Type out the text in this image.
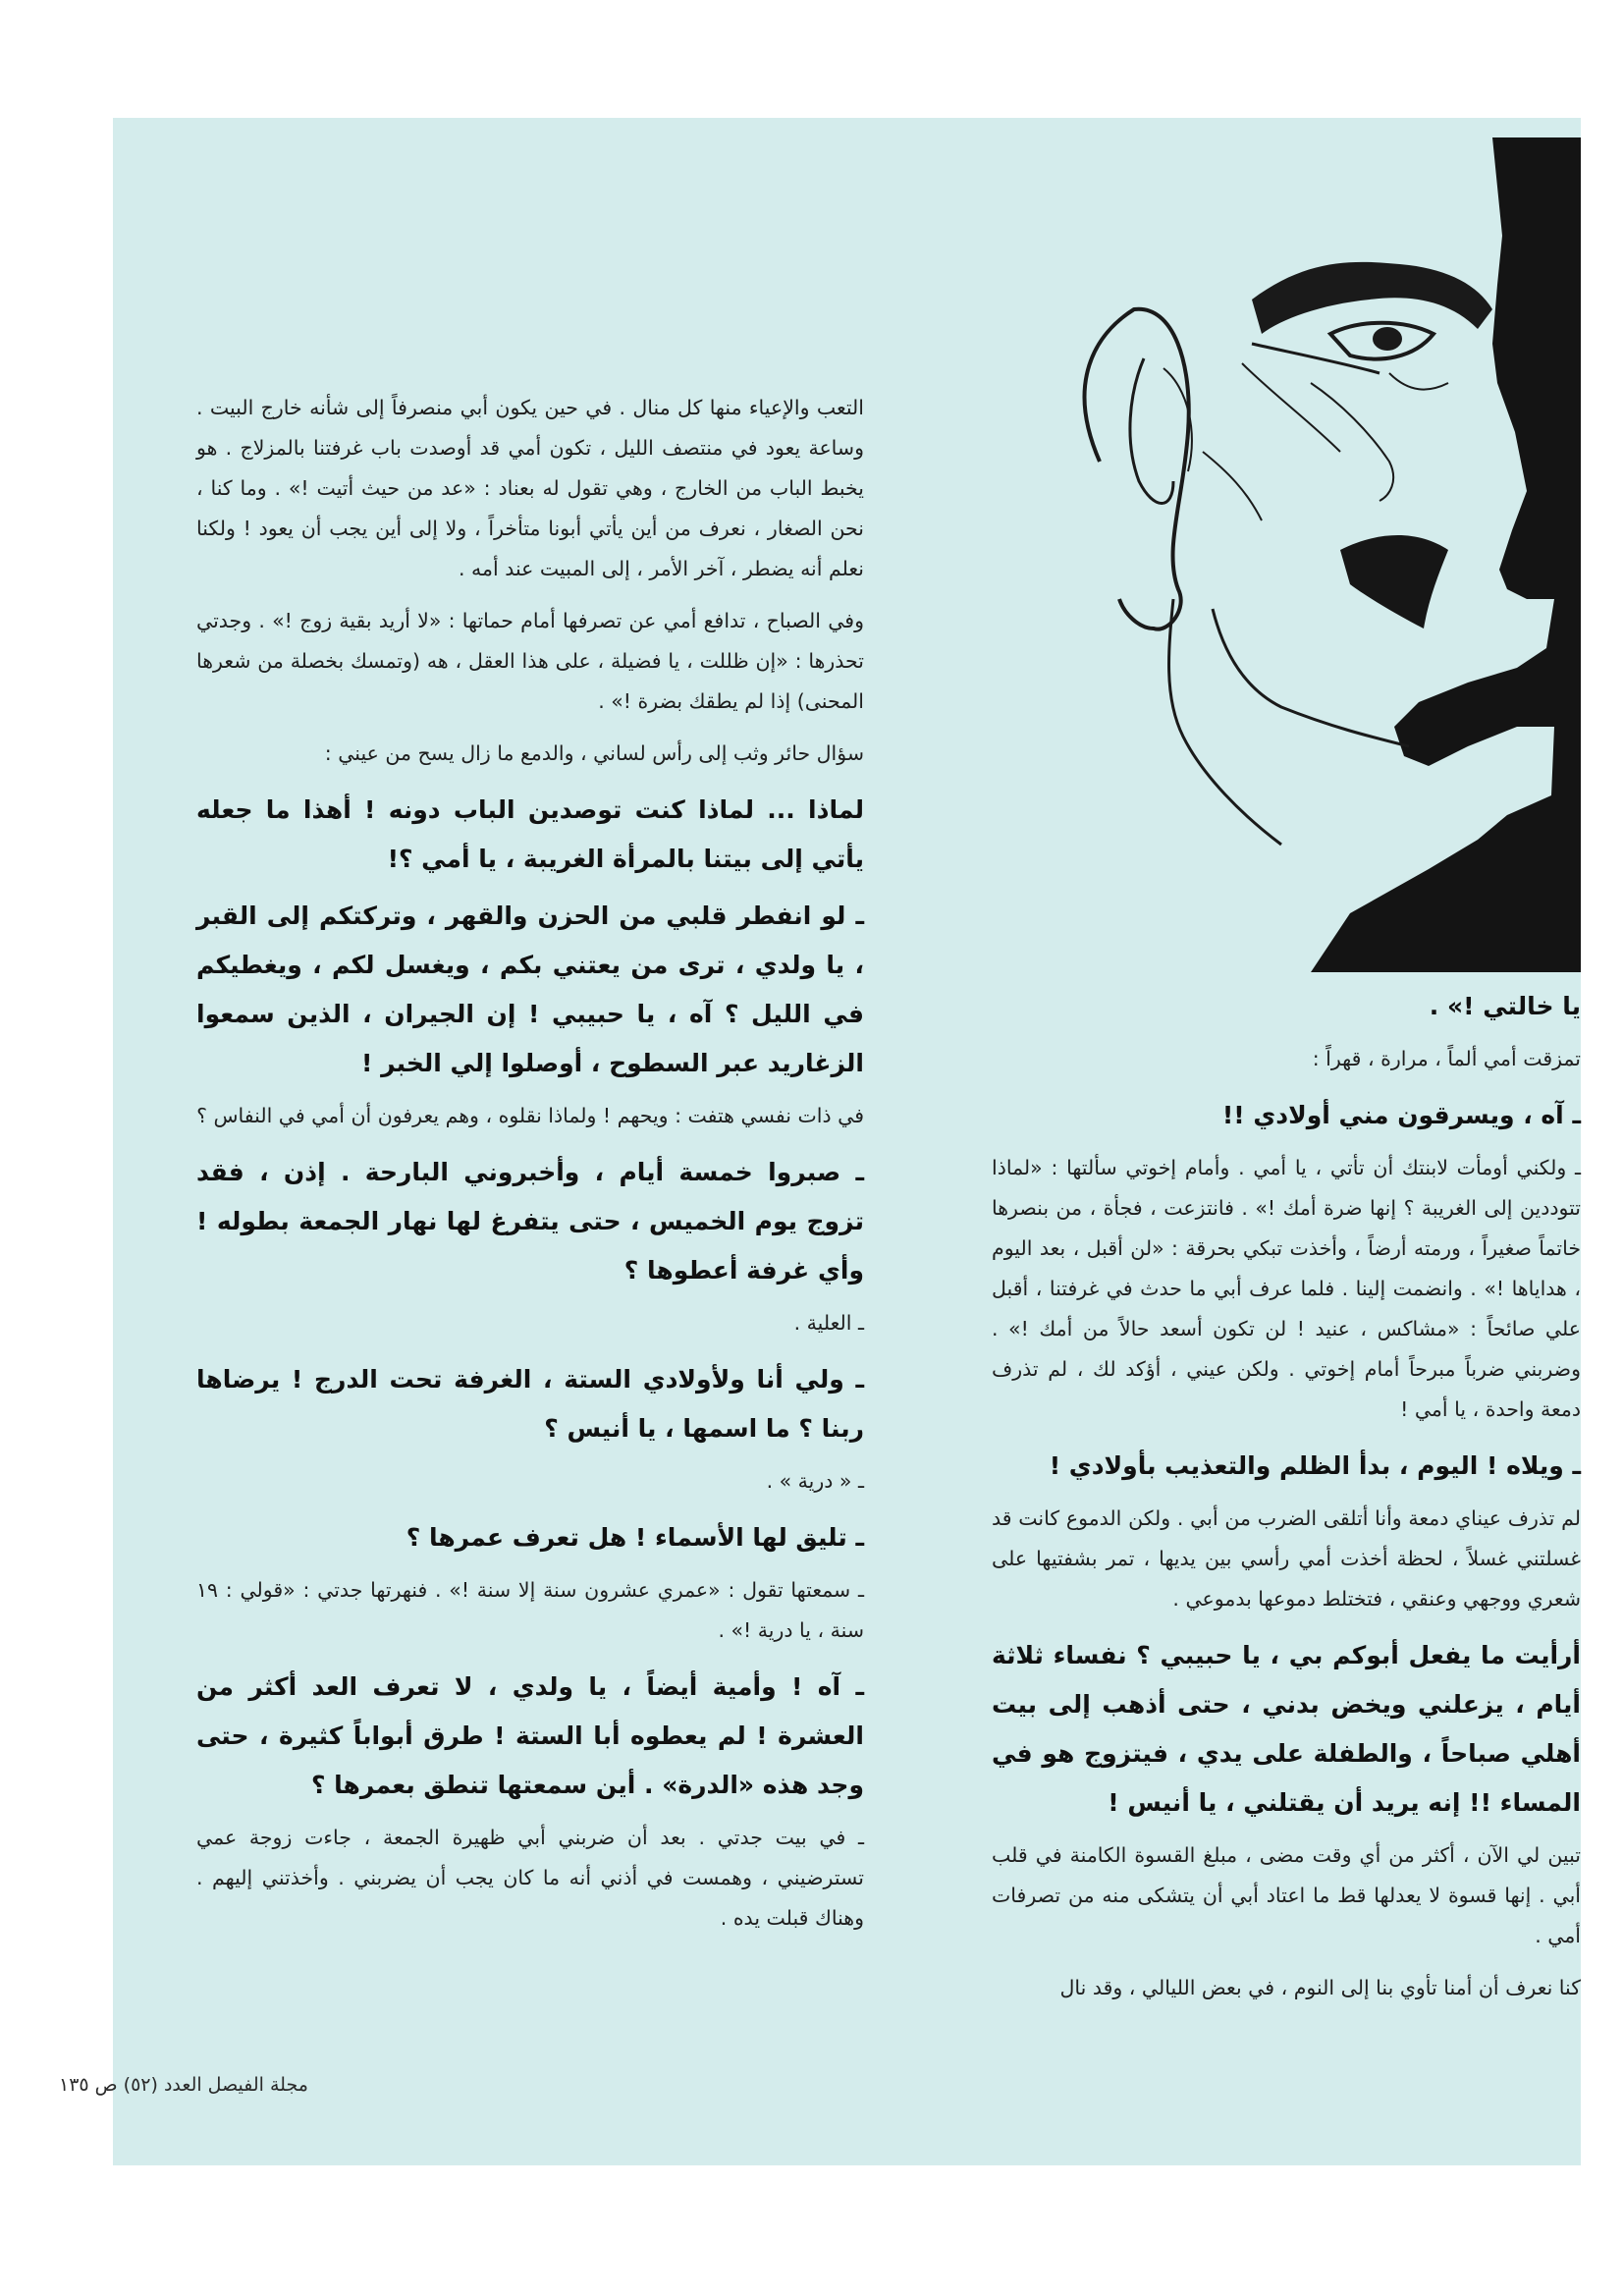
التعب والإعياء منها كل منال . في حين يكون أبي منصرفاً إلى شأنه خارج البيت . وساعة يعود في منتصف الليل ، تكون أمي قد أوصدت باب غرفتنا بالمزلاج . هو يخبط الباب من الخارج ، وهي تقول له بعناد : «عد من حيث أتيت !» . وما كنا ، نحن الصغار ، نعرف من أين يأتي أبونا متأخراً ، ولا إلى أين يجب أن يعود ! ولكنا نعلم أنه يضطر ، آخر الأمر ، إلى المبيت عند أمه .

وفي الصباح ، تدافع أمي عن تصرفها أمام حماتها : «لا أريد بقية زوج !» . وجدتي تحذرها : «إن ظللت ، يا فضيلة ، على هذا العقل ، هه (وتمسك بخصلة من شعرها المحنى) إذا لم يطقك بضرة !» .

سؤال حائر وثب إلى رأس لساني ، والدمع ما زال يسح من عيني :

لماذا ... لماذا كنت توصدين الباب دونه ! أهذا ما جعله يأتي إلى بيتنا بالمرأة الغريبة ، يا أمي ؟!

ـ لو انفطر قلبي من الحزن والقهر ، وتركتكم إلى القبر ، يا ولدي ، ترى من يعتني بكم ، ويغسل لكم ، ويغطيكم في الليل ؟ آه ، يا حبيبي ! إن الجيران ، الذين سمعوا الزغاريد عبر السطوح ، أوصلوا إلي الخبر !

في ذات نفسي هتفت : ويحهم ! ولماذا نقلوه ، وهم يعرفون أن أمي في النفاس ؟

ـ صبروا خمسة أيام ، وأخبروني البارحة . إذن ، فقد تزوج يوم الخميس ، حتى يتفرغ لها نهار الجمعة بطوله ! وأي غرفة أعطوها ؟

ـ العلية .

ـ ولي أنا ولأولادي الستة ، الغرفة تحت الدرج ! يرضاها ربنا ؟ ما اسمها ، يا أنيس ؟

ـ « درية » .

ـ تليق لها الأسماء ! هل تعرف عمرها ؟

ـ سمعتها تقول : «عمري عشرون سنة إلا سنة !» . فنهرتها جدتي : «قولي : ١٩ سنة ، يا درية !» .

ـ آه ! وأمية أيضاً ، يا ولدي ، لا تعرف العد أكثر من العشرة ! لم يعطوه أبا الستة ! طرق أبواباً كثيرة ، حتى وجد هذه «الدرة» . أين سمعتها تنطق بعمرها ؟

ـ في بيت جدتي . بعد أن ضربني أبي ظهيرة الجمعة ، جاءت زوجة عمي تسترضيني ، وهمست في أذني أنه ما كان يجب أن يضربني . وأخذتني إليهم . وهناك قبلت يده .

يا خالتي !» .

تمزقت أمي ألماً ، مرارة ، قهراً :

ـ آه ، ويسرقون مني أولادي !!

ـ ولكني أومأت لابنتك أن تأتي ، يا أمي . وأمام إخوتي سألتها : «لماذا تتوددين إلى الغريبة ؟ إنها ضرة أمك !» . فانتزعت ، فجأة ، من بنصرها خاتماً صغيراً ، ورمته أرضاً ، وأخذت تبكي بحرقة : «لن أقبل ، بعد اليوم ، هداياها !» . وانضمت إلينا . فلما عرف أبي ما حدث في غرفتنا ، أقبل علي صائحاً : «مشاكس ، عنيد ! لن تكون أسعد حالاً من أمك !» . وضربني ضرباً مبرحاً أمام إخوتي . ولكن عيني ، أؤكد لك ، لم تذرف دمعة واحدة ، يا أمي !

ـ ويلاه ! اليوم ، بدأ الظلم والتعذيب بأولادي !

لم تذرف عيناي دمعة وأنا أتلقى الضرب من أبي . ولكن الدموع كانت قد غسلتني غسلاً ، لحظة أخذت أمي رأسي بين يديها ، تمر بشفتيها على شعري ووجهي وعنقي ، فتختلط دموعها بدموعي .

أرأيت ما يفعل أبوكم بي ، يا حبيبي ؟ نفساء ثلاثة أيام ، يزعلني ويخض بدني ، حتى أذهب إلى بيت أهلي صباحاً ، والطفلة على يدي ، فيتزوج هو في المساء !! إنه يريد أن يقتلني ، يا أنيس !

تبين لي الآن ، أكثر من أي وقت مضى ، مبلغ القسوة الكامنة في قلب أبي . إنها قسوة لا يعدلها قط ما اعتاد أبي أن يتشكى منه من تصرفات أمي .

كنا نعرف أن أمنا تأوي بنا إلى النوم ، في بعض الليالي ، وقد نال

مجلة الفيصل العدد (٥٢) ص ١٣٥
